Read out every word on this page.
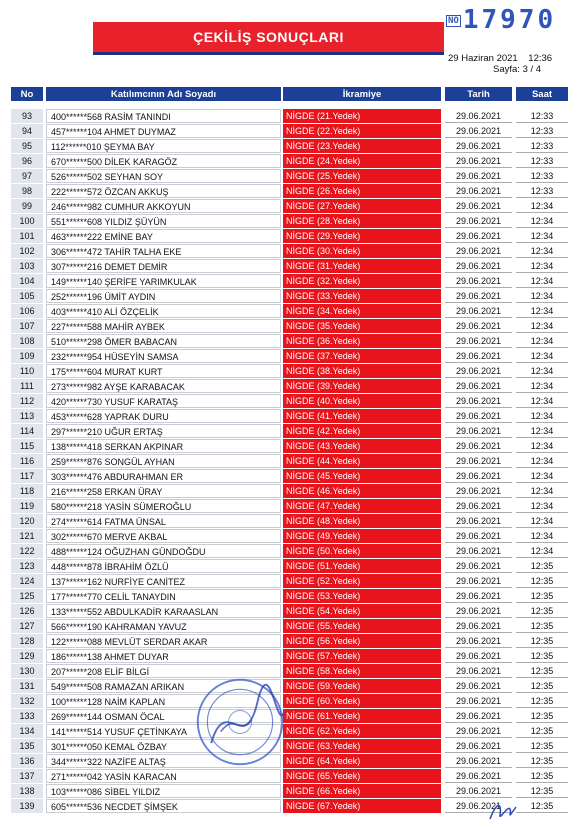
NO 17970
ÇEKİLİŞ SONUÇLARI
29 Haziran 2021 12:36
Sayfa: 3 / 4
No	Katılımcının Adı Soyadı	İkramiye	Tarih	Saat
93	400******568 RASİM TANINDI	NİGDE (21.Yedek)	29.06.2021	12:33
94	457******104 AHMET DUYMAZ	NİGDE (22.Yedek)	29.06.2021	12:33
95	112******010 ŞEYMA BAY	NİGDE (23.Yedek)	29.06.2021	12:33
96	670******500 DİLEK KARAGÖZ	NİGDE (24.Yedek)	29.06.2021	12:33
97	526******502 SEYHAN SOY	NİGDE (25.Yedek)	29.06.2021	12:33
98	222******572 ÖZCAN AKKUŞ	NİGDE (26.Yedek)	29.06.2021	12:33
99	246******982 CUMHUR AKKOYUN	NİGDE (27.Yedek)	29.06.2021	12:34
100	551******608 YILDIZ ŞÜYÜN	NİGDE (28.Yedek)	29.06.2021	12:34
101	463******222 EMİNE BAY	NİGDE (29.Yedek)	29.06.2021	12:34
102	306******472 TAHİR TALHA EKE	NİGDE (30.Yedek)	29.06.2021	12:34
103	307******216 DEMET DEMİR	NİGDE (31.Yedek)	29.06.2021	12:34
104	149******140 ŞERİFE YARIMKULAK	NİGDE (32.Yedek)	29.06.2021	12:34
105	252******196 ÜMİT AYDIN	NİGDE (33.Yedek)	29.06.2021	12:34
106	403******410 ALİ ÖZÇELİK	NİGDE (34.Yedek)	29.06.2021	12:34
107	227******588 MAHİR AYBEK	NİGDE (35.Yedek)	29.06.2021	12:34
108	510******298 ÖMER BABACAN	NİGDE (36.Yedek)	29.06.2021	12:34
109	232******954 HÜSEYİN SAMSA	NİGDE (37.Yedek)	29.06.2021	12:34
110	175******604 MURAT KURT	NİGDE (38.Yedek)	29.06.2021	12:34
111	273******982 AYŞE KARABACAK	NİGDE (39.Yedek)	29.06.2021	12:34
112	420******730 YUSUF KARATAŞ	NİGDE (40.Yedek)	29.06.2021	12:34
113	453******628 YAPRAK DURU	NİGDE (41.Yedek)	29.06.2021	12:34
114	297******210 UĞUR ERTAŞ	NİGDE (42.Yedek)	29.06.2021	12:34
115	138******418 SERKAN AKPINAR	NİGDE (43.Yedek)	29.06.2021	12:34
116	259******876 SONGÜL AYHAN	NİGDE (44.Yedek)	29.06.2021	12:34
117	303******476 ABDURAHMAN ER	NİGDE (45.Yedek)	29.06.2021	12:34
118	216******258 ERKAN ÜRAY	NİGDE (46.Yedek)	29.06.2021	12:34
119	580******218 YASİN SÜMEROĞLU	NİGDE (47.Yedek)	29.06.2021	12:34
120	274******614 FATMA ÜNSAL	NİGDE (48.Yedek)	29.06.2021	12:34
121	302******670 MERVE AKBAL	NİGDE (49.Yedek)	29.06.2021	12:34
122	488******124 OĞUZHAN GÜNDOĞDU	NİGDE (50.Yedek)	29.06.2021	12:34
123	448******878 İBRAHİM ÖZLÜ	NİGDE (51.Yedek)	29.06.2021	12:35
124	137******162 NURFİYE CANİTEZ	NİGDE (52.Yedek)	29.06.2021	12:35
125	177******770 CELİL TANAYDIN	NİGDE (53.Yedek)	29.06.2021	12:35
126	133******552 ABDULKADİR KARAASLAN	NİGDE (54.Yedek)	29.06.2021	12:35
127	566******190 KAHRAMAN YAVUZ	NİGDE (55.Yedek)	29.06.2021	12:35
128	122******088 MEVLÜT SERDAR AKAR	NİGDE (56.Yedek)	29.06.2021	12:35
129	186******138 AHMET DUYAR	NİGDE (57.Yedek)	29.06.2021	12:35
130	207******208 ELİF BİLGİ	NİGDE (58.Yedek)	29.06.2021	12:35
131	549******508 RAMAZAN ARIKAN	NİGDE (59.Yedek)	29.06.2021	12:35
132	100******128 NAİM KAPLAN	NİGDE (60.Yedek)	29.06.2021	12:35
133	269******144 OSMAN ÖCAL	NİGDE (61.Yedek)	29.06.2021	12:35
134	141******514 YUSUF ÇETİNKAYA	NİGDE (62.Yedek)	29.06.2021	12:35
135	301******050 KEMAL ÖZBAY	NİGDE (63.Yedek)	29.06.2021	12:35
136	344******322 NAZİFE ALTAŞ	NİGDE (64.Yedek)	29.06.2021	12:35
137	271******042 YASİN KARACAN	NİGDE (65.Yedek)	29.06.2021	12:35
138	103******086 SİBEL YILDIZ	NİGDE (66.Yedek)	29.06.2021	12:35
139	605******536 NECDET ŞİMŞEK	NİGDE (67.Yedek)	29.06.2021	12:35
